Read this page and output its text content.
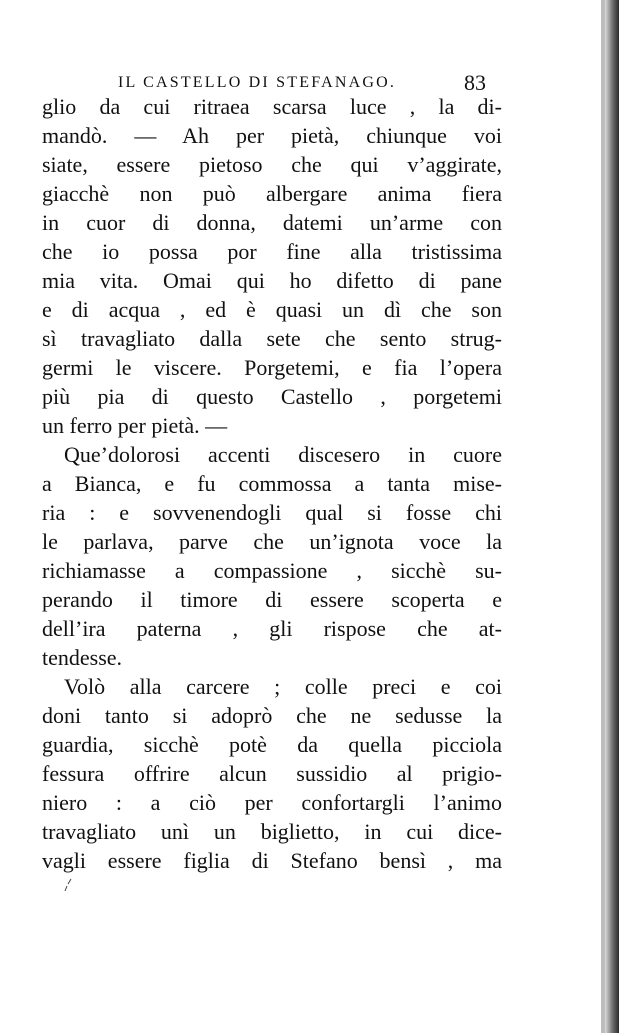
IL CASTELLO DI STEFANAGO.	83
glio da cui ritraea scarsa luce , la di-
mandò. — Ah per pietà, chiunque voi
siate, essere pietoso che qui v’aggirate,
giacchè non può albergare anima fiera
in cuor di donna, datemi un’arme con
che io possa por fine alla tristissima
mia vita. Omai qui ho difetto di pane
e di acqua , ed è quasi un dì che son
sì travagliato dalla sete che sento strug-
germi le viscere. Porgetemi, e fia l’opera
più pia di questo Castello , porgetemi
un ferro per pietà. —
Que’dolorosi accenti discesero in cuore
a Bianca, e fu commossa a tanta mise-
ria : e sovvenendogli qual si fosse chi
le parlava, parve che un’ignota voce la
richiamasse a compassione , sicchè su-
perando il timore di essere scoperta e
dell’ira paterna , gli rispose che at-
tendesse.
Volò alla carcere ; colle preci e coi
doni tanto si adoprò che ne sedusse la
guardia, sicchè potè da quella picciola
fessura offrire alcun sussidio al prigio-
niero : a ciò per confortargli l’animo
travagliato unì un biglietto, in cui dice-
vagli essere figlia di Stefano bensì , ma
